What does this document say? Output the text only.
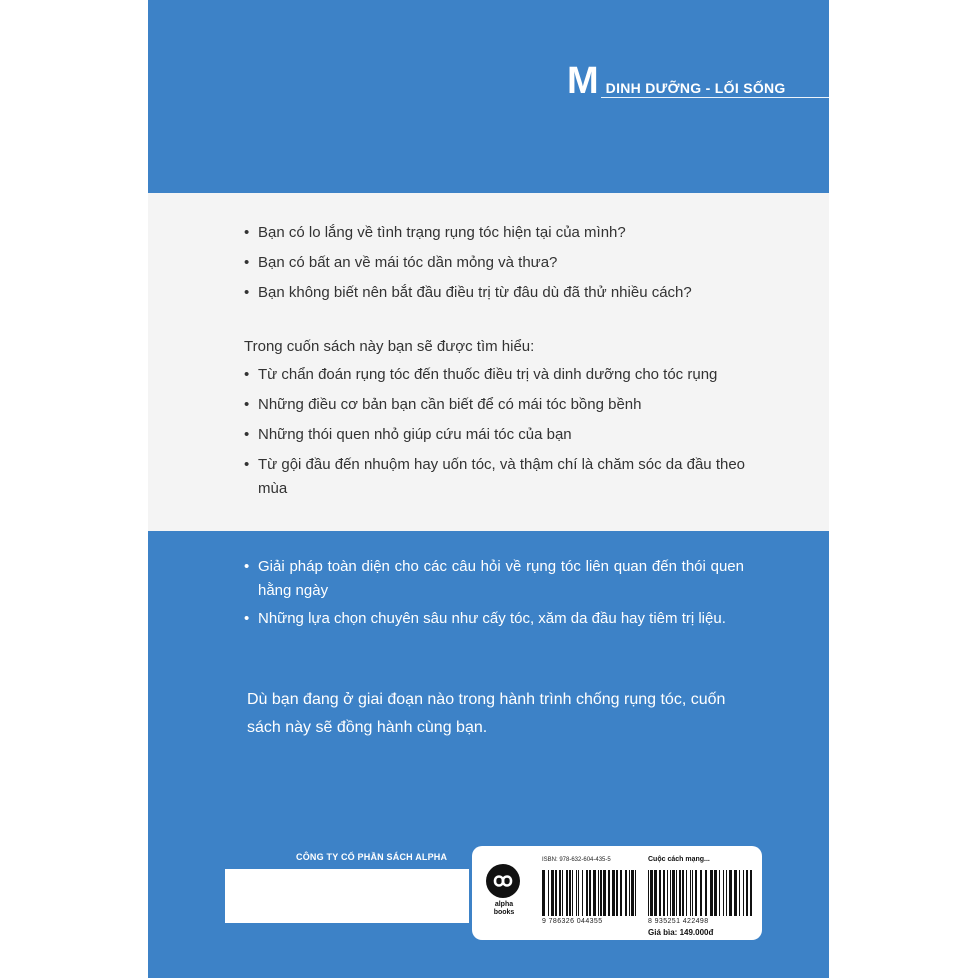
M DINH DƯỠNG - LỐI SỐNG
• Bạn có lo lắng về tình trạng rụng tóc hiện tại của mình?
• Bạn có bất an về mái tóc dần mỏng và thưa?
• Bạn không biết nên bắt đầu điều trị từ đâu dù đã thử nhiều cách?

Trong cuốn sách này bạn sẽ được tìm hiểu:

• Từ chẩn đoán rụng tóc đến thuốc điều trị và dinh dưỡng cho tóc rụng
• Những điều cơ bản bạn cần biết để có mái tóc bồng bềnh
• Những thói quen nhỏ giúp cứu mái tóc của bạn
• Từ gội đầu đến nhuộm hay uốn tóc, và thậm chí là chăm sóc da đầu theo mùa
• Giải pháp toàn diện cho các câu hỏi về rụng tóc liên quan đến thói quen hằng ngày
• Những lựa chọn chuyên sâu như cấy tóc, xăm da đầu hay tiêm trị liệu.

Dù bạn đang ở giai đoạn nào trong hành trình chống rụng tóc, cuốn sách này sẽ đồng hành cùng bạn.

CÔNG TY CỔ PHẦN SÁCH ALPHA
alpha
books
ISBN: 978-632-604-435-5
9 786326 044355
Cuộc cách mạng...
8 935251 422498
Giá bìa: 149.000đ
